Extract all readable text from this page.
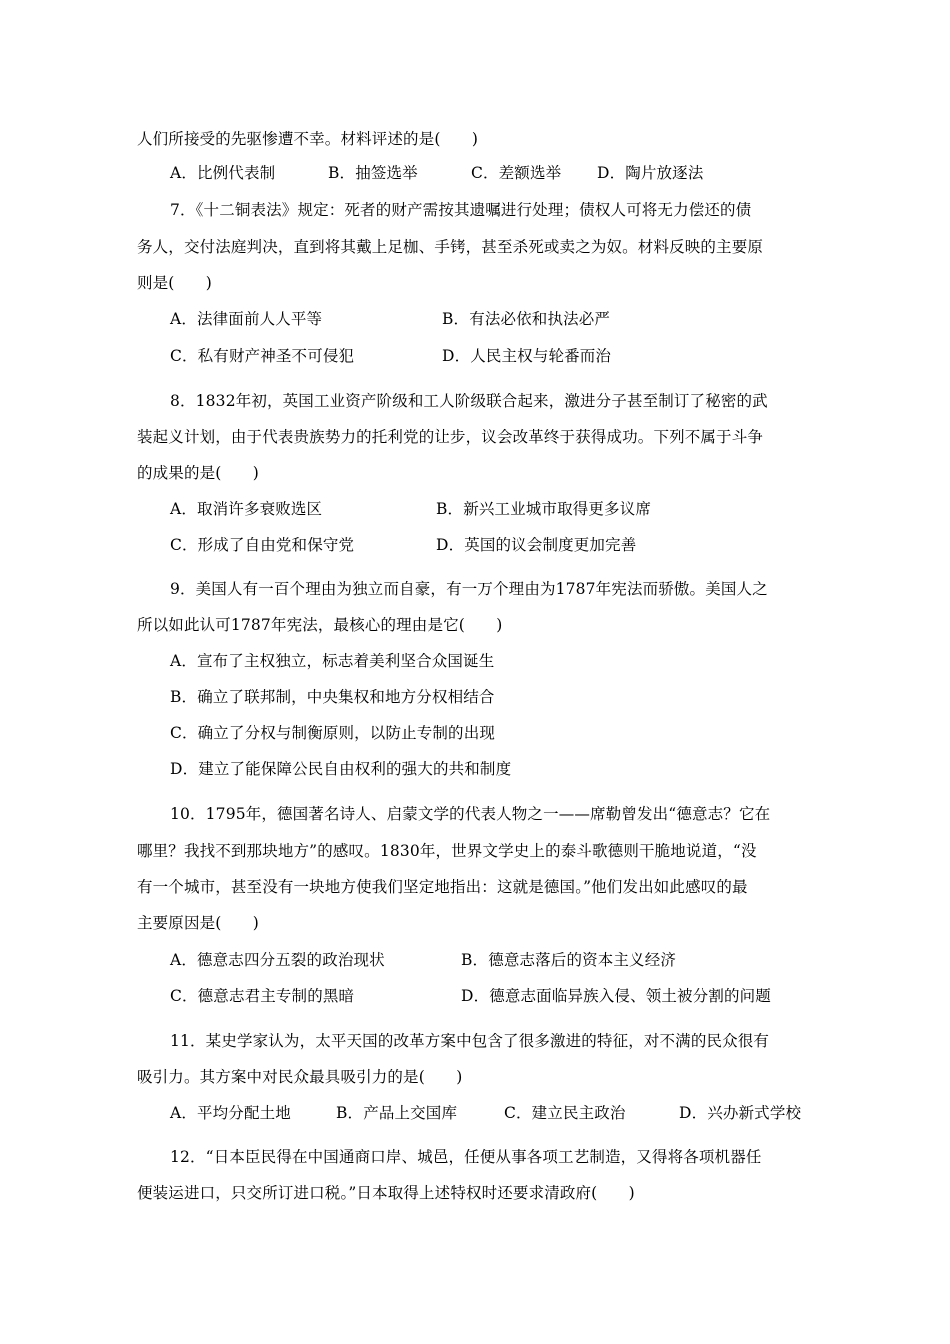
人们所接受的先驱惨遭不幸。材料评述的是(　　)
A．比例代表制	B．抽签选举	C．差额选举 D．陶片放逐法
7．《十二铜表法》规定：死者的财产需按其遗嘱进行处理；债权人可将无力偿还的债
务人，交付法庭判决，直到将其戴上足枷、手铐，甚至杀死或卖之为奴。材料反映的主要原
则是(　　)
A．法律面前人人平等	B．有法必依和执法必严
C．私有财产神圣不可侵犯	D．人民主权与轮番而治
8．1832年初，英国工业资产阶级和工人阶级联合起来，激进分子甚至制订了秘密的武
装起义计划，由于代表贵族势力的托利党的让步，议会改革终于获得成功。下列不属于斗争
的成果的是(　　)
A．取消许多衰败选区	B．新兴工业城市取得更多议席
C．形成了自由党和保守党	D．英国的议会制度更加完善
9．美国人有一百个理由为独立而自豪，有一万个理由为1787年宪法而骄傲。美国人之
所以如此认可1787年宪法，最核心的理由是它(　　)
A．宣布了主权独立，标志着美利坚合众国诞生
B．确立了联邦制，中央集权和地方分权相结合
C．确立了分权与制衡原则，以防止专制的出现
D．建立了能保障公民自由权利的强大的共和制度
10．1795年，德国著名诗人、启蒙文学的代表人物之一——席勒曾发出“德意志？它在
哪里？我找不到那块地方”的感叹。1830年，世界文学史上的泰斗歌德则干脆地说道，“没
有一个城市，甚至没有一块地方使我们坚定地指出：这就是德国。”他们发出如此感叹的最
主要原因是(　　)
A．德意志四分五裂的政治现状	B．德意志落后的资本主义经济
C．德意志君主专制的黑暗	D．德意志面临异族入侵、领土被分割的问题
11．某史学家认为，太平天国的改革方案中包含了很多激进的特征，对不满的民众很有
吸引力。其方案中对民众最具吸引力的是(　　)
A．平均分配土地	B．产品上交国库	C．建立民主政治	D．兴办新式学校
12．“日本臣民得在中国通商口岸、城邑，任便从事各项工艺制造，又得将各项机器任
便装运进口，只交所订进口税。”日本取得上述特权时还要求清政府(　　)
